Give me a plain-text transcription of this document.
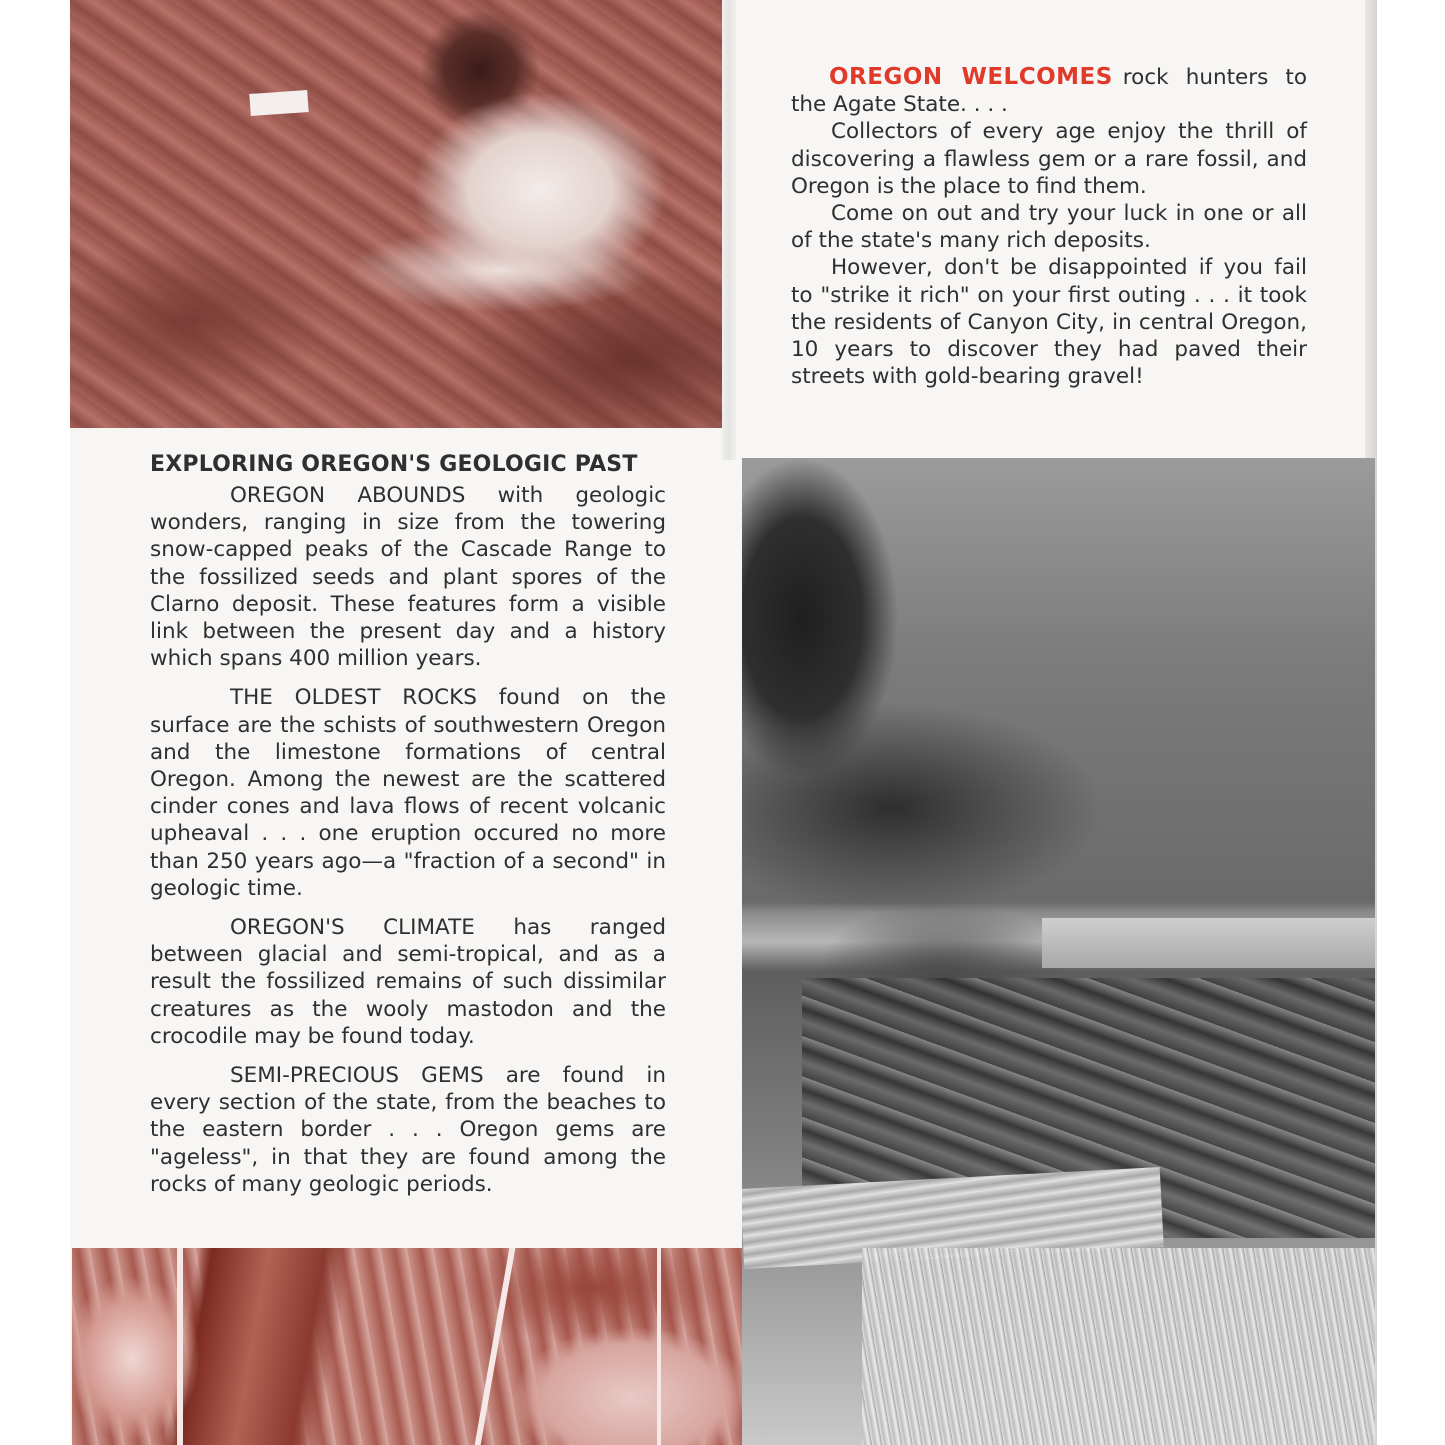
OREGON WELCOMES rock hunters to the Agate State. . . .

Collectors of every age enjoy the thrill of discovering a flawless gem or a rare fossil, and Oregon is the place to find them.

Come on out and try your luck in one or all of the state's many rich deposits.

However, don't be disappointed if you fail to "strike it rich" on your first outing . . . it took the residents of Canyon City, in central Oregon, 10 years to discover they had paved their streets with gold-bearing gravel!

EXPLORING OREGON'S GEOLOGIC PAST

OREGON ABOUNDS with geologic wonders, ranging in size from the towering snow-capped peaks of the Cascade Range to the fossilized seeds and plant spores of the Clarno deposit. These features form a visible link between the present day and a history which spans 400 million years.

THE OLDEST ROCKS found on the surface are the schists of southwestern Oregon and the limestone formations of central Oregon. Among the newest are the scattered cinder cones and lava flows of recent volcanic upheaval . . . one eruption occured no more than 250 years ago—a "fraction of a second" in geologic time.

OREGON'S CLIMATE has ranged between glacial and semi-tropical, and as a result the fossilized remains of such dissimilar creatures as the wooly mastodon and the crocodile may be found today.

SEMI-PRECIOUS GEMS are found in every section of the state, from the beaches to the eastern border . . . Oregon gems are "ageless", in that they are found among the rocks of many geologic periods.
